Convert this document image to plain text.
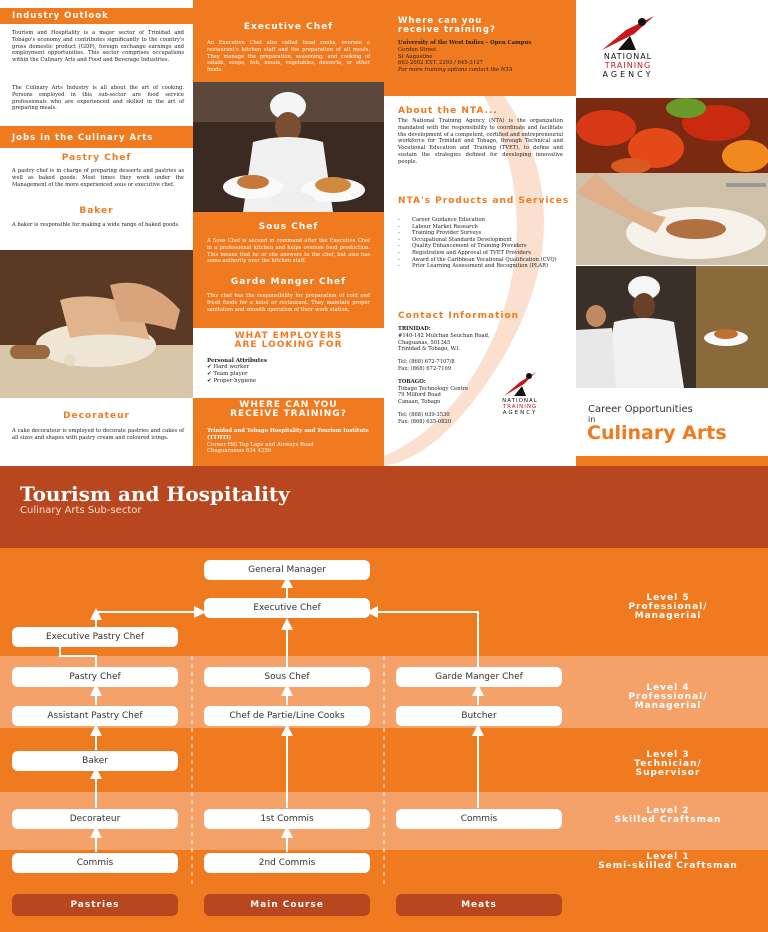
Industry Outlook
Tourism and Hospitality is a major sector of Trinidad and Tobago's economy and contributes significantly to the country's gross domestic product (GDP), foreign exchange earnings and employment opportunities. This sector comprises occupations within the Culinary Arts and Food and Beverage Industries.
The Culinary Arts Industry is all about the art of cooking. Persons employed in this sub-sector are food service professionals who are experienced and skilled in the art of preparing meals.
Jobs in the Culinary Arts
Pastry Chef
A pastry chef is in charge of preparing desserts and pastries as well as baked goods. Most times they work under the Management of the more experienced sous or executive chef.
Baker
A baker is responsible for making a wide range of baked goods.
Decorateur
A cake decorateur is employed to decorate pastries and cakes of all sizes and shapes with pastry cream and coloured icings.
Executive Chef
An Executive Chef also called head cooks, oversee a restaurant's kitchen staff and the preparation of all meals. They manage the preparation, seasoning, and cooking of salads, soups, fish, meats, vegetables, desserts, or other foods.
Sous Chef
A Sous Chef is second in command after the Executive Chef in a professional kitchen and helps oversee food production. This means that he or she answers to the chef, but also has some authority over the kitchen staff.
Garde Manger Chef
This chef has the responsibility for preparation of cold and fresh foods for a hotel or restaurant. They maintain proper sanitation and smooth operation of their work station.
WHAT EMPLOYERS ARE LOOKING FOR
Personal Attributes
✔ Hard worker
✔ Team player
✔ Proper hygiene
WHERE CAN YOU RECEIVE TRAINING?
Trinidad and Tobago Hospitality and Tourism Institute (TTHTI)
Corner Hill Top Lape and Airways Road
Chaguaramas 634 4250
Where can you receive training?
University of the West Indies – Open Campus
Gordon Street
St Augustine
662-2002 EXT. 2293 / 645-3127
For more training options contact the NTA
About the NTA...
The National Training Agency (NTA) is the organization mandated with the responsibility to coordinate and facilitate the development of a competent, certified and entrepreneurial workforce for Trinidad and Tobago, through Technical and Vocational Education and Training (TVET), to define and sustain the strategies defined for developing innovative people.
NTA's Products and Services
- Career Guidance Education
- Labour Market Research
- Training Provider Surveys
- Occupational Standards Development
- Quality Enhancement of Training Providers
- Registration and Approval of TVET Providers
- Award of the Caribbean Vocational Qualification (CVQ)
- Prior Learning Assessment and Recognition (PLAR)
Contact Information
TRINIDAD:
#140-142 Mulchan Seuchan Road,
Chaguanas, 501345
Trinidad & Tobago, W.I.
Tel: (868) 672-7107/8
Fax: (868) 672-7109
TOBAGO:
Tobago Technology Centre
79 Milford Road
Canaan, Tobago
Tel: (868) 639-3530
Fax: (868) 635-0820
NATIONAL
TRAINING
AGENCY
NATIONAL
TRAINING
AGENCY
Career Opportunities
in
Culinary Arts
Tourism and Hospitality
Culinary Arts Sub-sector
General Manager
Executive Chef
Executive Pastry Chef
Pastry Chef	Sous Chef	Garde Manger Chef
Assistant Pastry Chef	Chef de Partie/Line Cooks	Butcher
Baker
Decorateur	1st Commis	Commis
Commis	2nd Commis
Pastries	Main Course	Meats
Level 5
Professional/
Managerial
Level 4
Professional/
Managerial
Level 3
Technician/
Supervisor
Level 2
Skilled Craftsman
Level 1
Semi-skilled Craftsman
